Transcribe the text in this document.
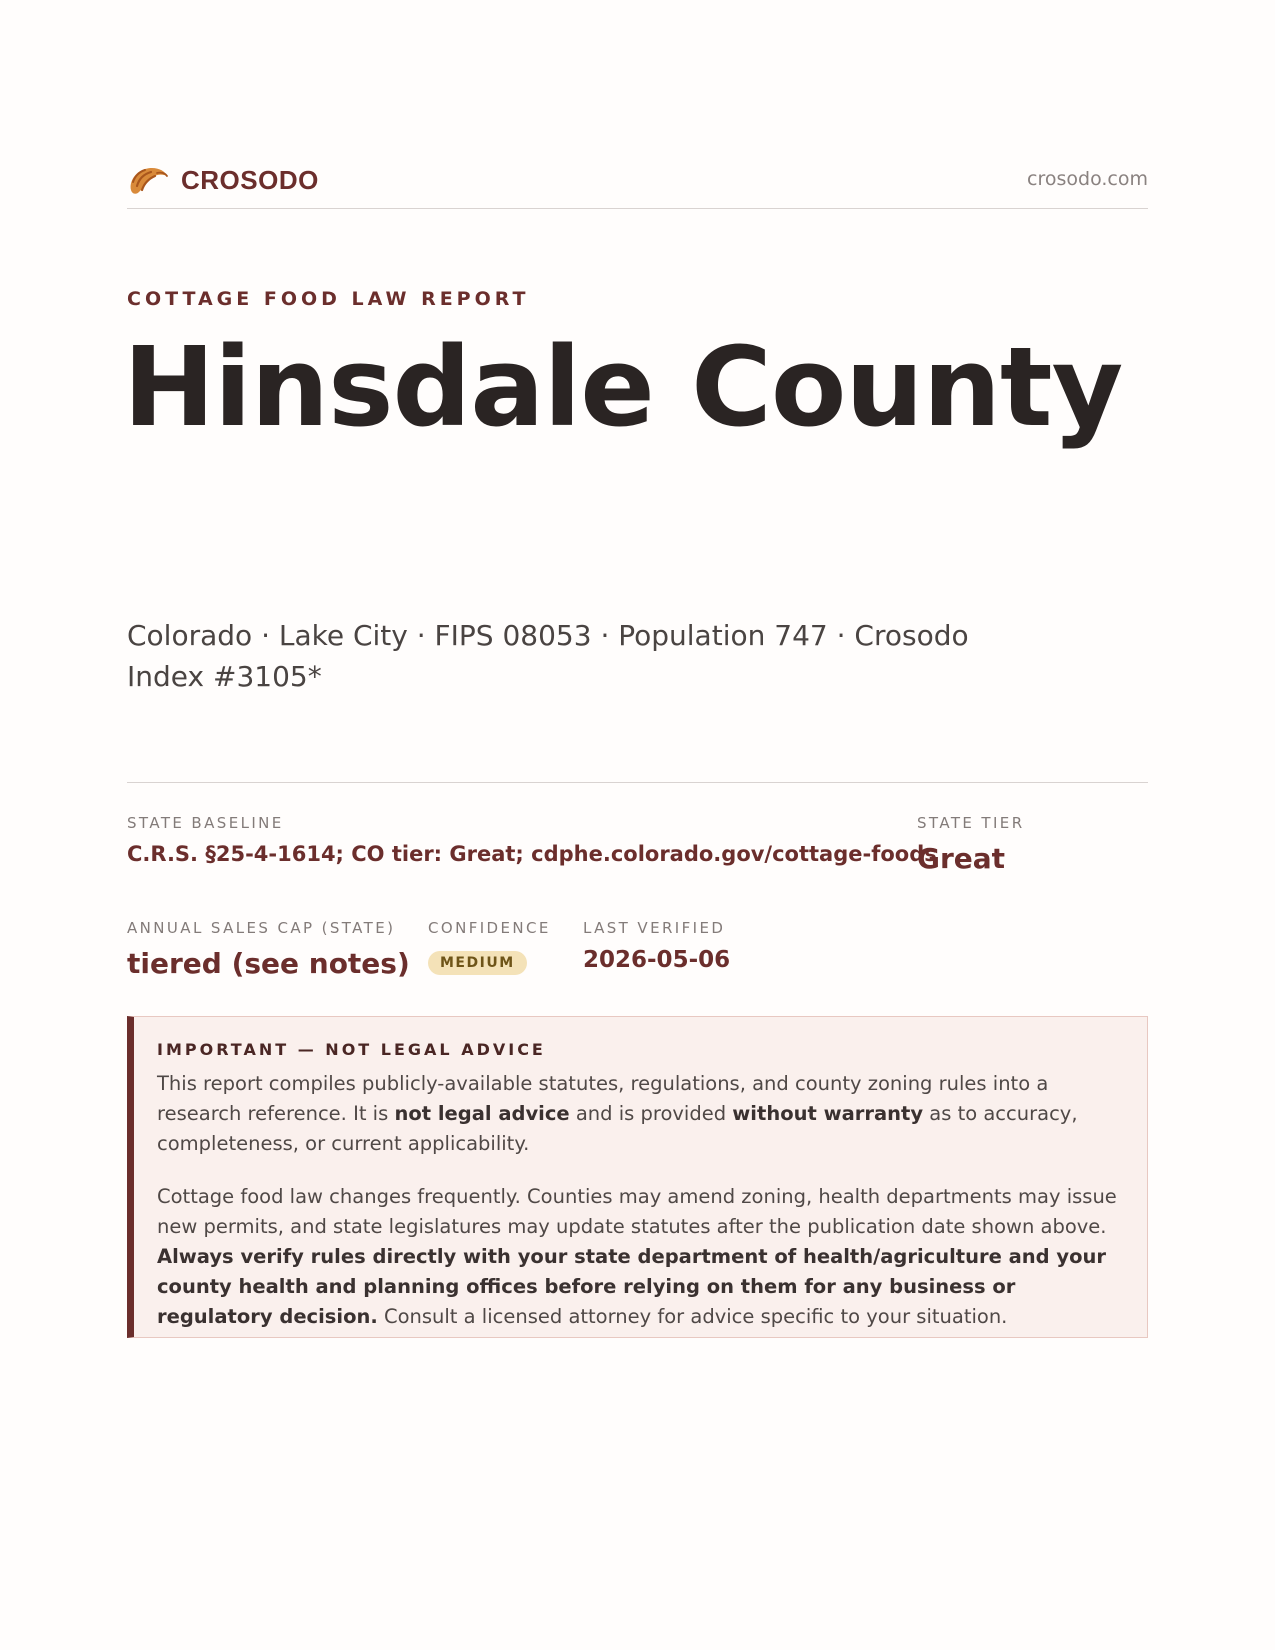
CROSODO	crosodo.com
COTTAGE FOOD LAW REPORT
Hinsdale County
Colorado · Lake City · FIPS 08053 · Population 747 · Crosodo Index #3105*
STATE BASELINE
C.R.S. §25-4-1614; CO tier: Great; cdphe.colorado.gov/cottage-foods
STATE TIER
Great
ANNUAL SALES CAP (STATE)
tiered (see notes)
CONFIDENCE
MEDIUM
LAST VERIFIED
2026-05-06
IMPORTANT — NOT LEGAL ADVICE

This report compiles publicly-available statutes, regulations, and county zoning rules into a research reference. It is not legal advice and is provided without warranty as to accuracy, completeness, or current applicability.

Cottage food law changes frequently. Counties may amend zoning, health departments may issue new permits, and state legislatures may update statutes after the publication date shown above. Always verify rules directly with your state department of health/agriculture and your county health and planning offices before relying on them for any business or regulatory decision. Consult a licensed attorney for advice specific to your situation.
